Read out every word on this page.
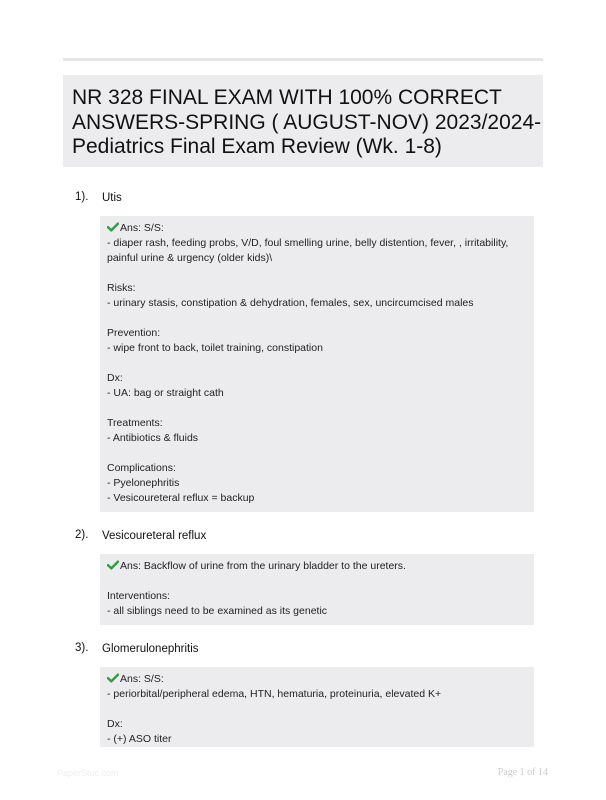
NR 328 FINAL EXAM WITH 100% CORRECT
ANSWERS-SPRING ( AUGUST-NOV) 2023/2024-
Pediatrics Final Exam Review (Wk. 1-8)
1). Utis
Ans: S/S:
- diaper rash, feeding probs, V/D, foul smelling urine, belly distention, fever, , irritability,
painful urine & urgency (older kids)\
Risks:
- urinary stasis, constipation & dehydration, females, sex, uncircumcised males
Prevention:
- wipe front to back, toilet training, constipation
Dx:
- UA: bag or straight cath
Treatments:
- Antibiotics & fluids
Complications:
- Pyelonephritis
- Vesicoureteral reflux = backup
2). Vesicoureteral reflux
Ans: Backflow of urine from the urinary bladder to the ureters.
Interventions:
- all siblings need to be examined as its genetic
3). Glomerulonephritis
Ans: S/S:
- periorbital/peripheral edema, HTN, hematuria, proteinuria, elevated K+
Dx:
- (+) ASO titer
PaperStuc.com	Page 1 of 14
